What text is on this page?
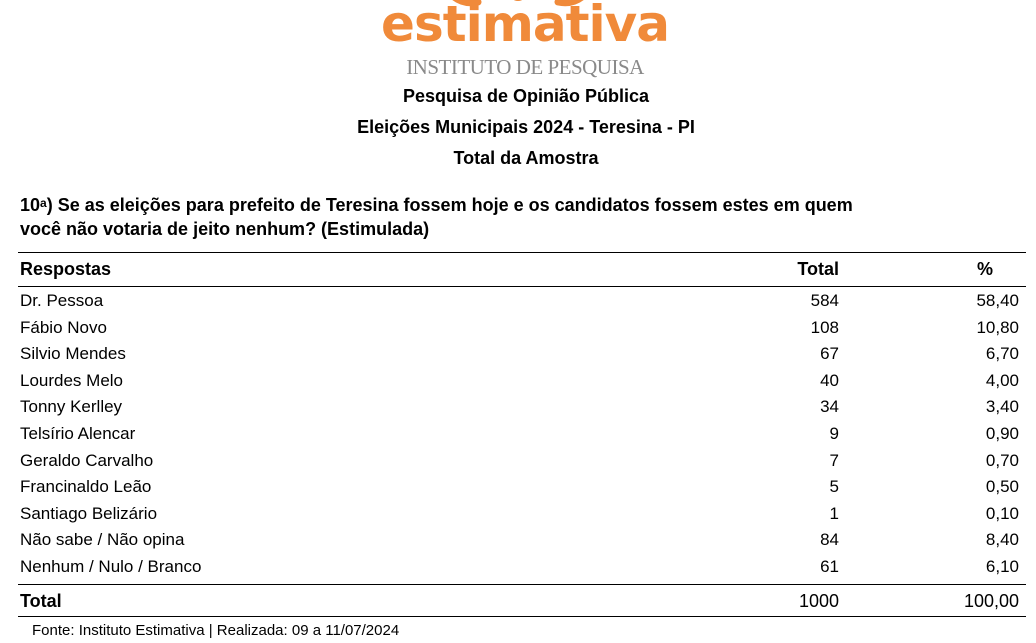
estimativa
INSTITUTO DE PESQUISA
Pesquisa de Opinião Pública
Eleições Municipais 2024 - Teresina - PI
Total da Amostra
10$^a$) Se as eleições para prefeito de Teresina fossem hoje e os candidatos fossem estes em quem
você não votaria de jeito nenhum? (Estimulada)
Respostas	Total	%
Dr. Pessoa	584	58,40
Fábio Novo	108	10,80
Silvio Mendes	67	6,70
Lourdes Melo	40	4,00
Tonny Kerlley	34	3,40
Telsírio Alencar	9	0,90
Geraldo Carvalho	7	0,70
Francinaldo Leão	5	0,50
Santiago Belizário	1	0,10
Não sabe / Não opina	84	8,40
Nenhum / Nulo / Branco	61	6,10
Total	1000	100,00
Fonte: Instituto Estimativa | Realizada: 09 a 11/07/2024
